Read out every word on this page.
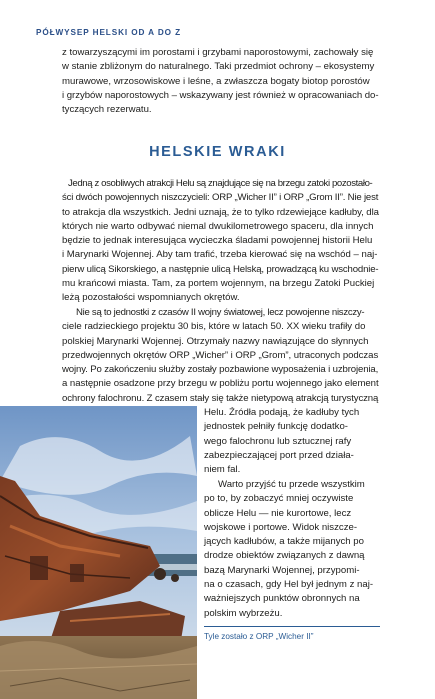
PÓŁWYSEP HELSKI OD A DO Z
z towarzyszącymi im porostami i grzybami naporostowymi, zachowały się
w stanie zbliżonym do naturalnego. Taki przedmiot ochrony – ekosystemy
murawowe, wrzosowiskowe i leśne, a zwłaszcza bogaty biotop porostów
i grzybów naporostowych – wskazywany jest również w opracowaniach do-
tyczących rezerwatu.
HELSKIE WRAKI
Jedną z osobliwych atrakcji Helu są znajdujące się na brzegu zatoki pozostało-
ści dwóch powojennych niszczycieli: ORP „Wicher II” i ORP „Grom II”. Nie jest
to atrakcja dla wszystkich. Jedni uznają, że to tylko rdzewiejące kadłuby, dla
których nie warto odbywać niemal dwukilometrowego spaceru, dla innych
będzie to jednak interesująca wycieczka śladami powojennej historii Helu
i Marynarki Wojennej. Aby tam trafić, trzeba kierować się na wschód – naj-
pierw ulicą Sikorskiego, a następnie ulicą Helską, prowadzącą ku wschodnie-
mu krańcowi miasta. Tam, za portem wojennym, na brzegu Zatoki Puckiej
leżą pozostałości wspomnianych okrętów.
Nie są to jednostki z czasów II wojny światowej, lecz powojenne niszczy-
ciele radzieckiego projektu 30 bis, które w latach 50. XX wieku trafiły do
polskiej Marynarki Wojennej. Otrzymały nazwy nawiązujące do słynnych
przedwojennych okrętów ORP „Wicher” i ORP „Grom”, utraconych podczas
wojny. Po zakończeniu służby zostały pozbawione wyposażenia i uzbrojenia,
a następnie osadzone przy brzegu w pobliżu portu wojennego jako element
ochrony falochronu. Z czasem stały się także nietypową atrakcją turystyczną
Helu. Źródła podają, że kadłuby tych
jednostek pełniły funkcję dodatko-
wego falochronu lub sztucznej rafy
zabezpieczającej port przed działa-
niem fal.
Warto przyjść tu przede wszystkim
po to, by zobaczyć mniej oczywiste
oblicze Helu — nie kurortowe, lecz
wojskowe i portowe. Widok niszcze-
jących kadłubów, a także mijanych po
drodze obiektów związanych z dawną
bazą Marynarki Wojennej, przypomi-
na o czasach, gdy Hel był jednym z naj-
ważniejszych punktów obronnych na
polskim wybrzeżu.
Tyle zostało z ORP „Wicher II”
